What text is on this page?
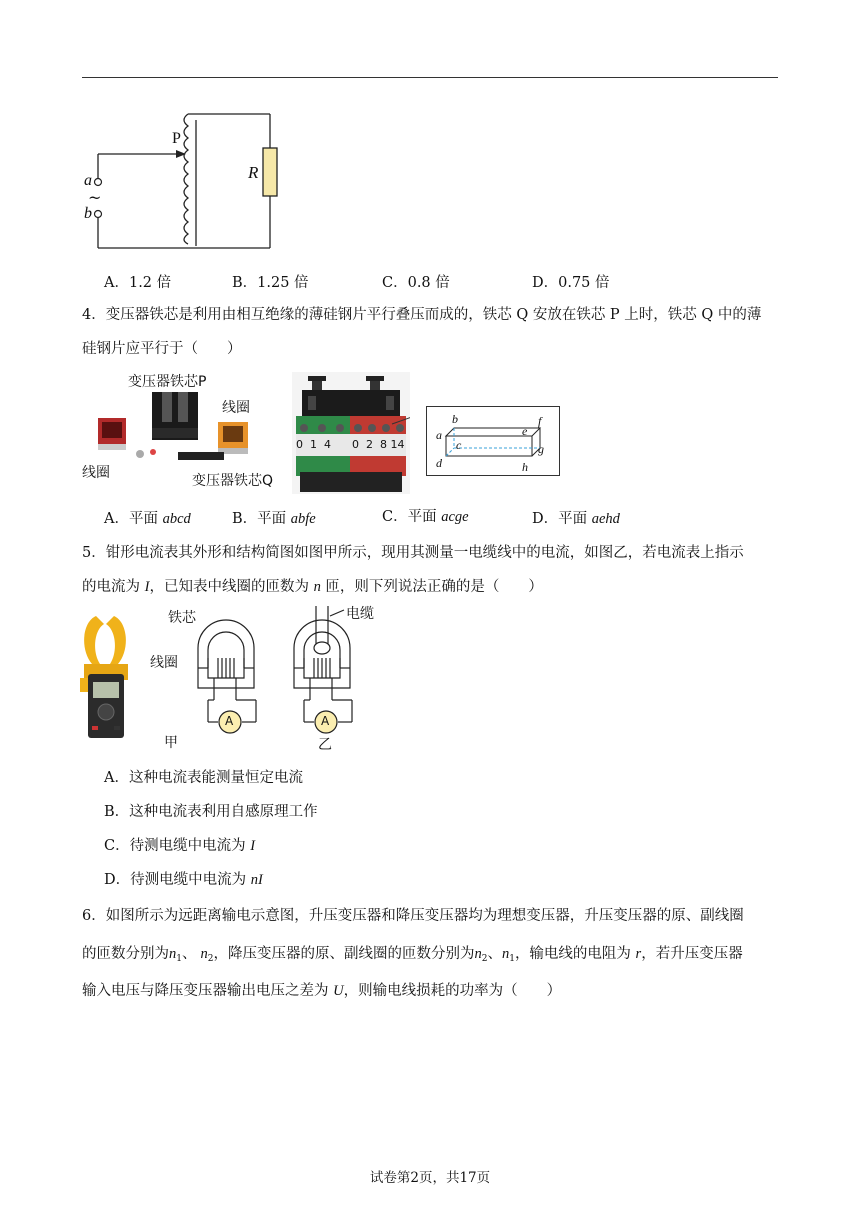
P
R
a
~
b
A．1.2 倍	B．1.25 倍	C．0.8 倍	D．0.75 倍
4．变压器铁芯是利用由相互绝缘的薄硅钢片平行叠压而成的，铁芯 Q 安放在铁芯 P 上时，铁芯 Q 中的薄
硅钢片应平行于（　　）
变压器铁芯P
线圈
线圈	变压器铁芯Q
0  1  4 0  2  8 14
b
a
c
d
e
f
g
h
A．平面 abcd	B．平面 abfe	C．平面 acge	D．平面 aehd
5．钳形电流表其外形和结构简图如图甲所示，现用其测量一电缆线中的电流，如图乙，若电流表上指示
的电流为 I，已知表中线圈的匝数为 n 匝，则下列说法正确的是（　　）
A
铁芯
线圈
甲
A
电缆
乙
A．这种电流表能测量恒定电流
B．这种电流表利用自感原理工作
C．待测电缆中电流为 I
D．待测电缆中电流为 nI
6．如图所示为远距离输电示意图，升压变压器和降压变压器均为理想变压器，升压变压器的原、副线圈
的匝数分别为$n_1$、 $n_2$，降压变压器的原、副线圈的匝数分别为$n_2$、$n_1$，输电线的电阻为 r，若升压变压器
输入电压与降压变压器输出电压之差为 U，则输电线损耗的功率为（　　）
试卷第2页，共17页
